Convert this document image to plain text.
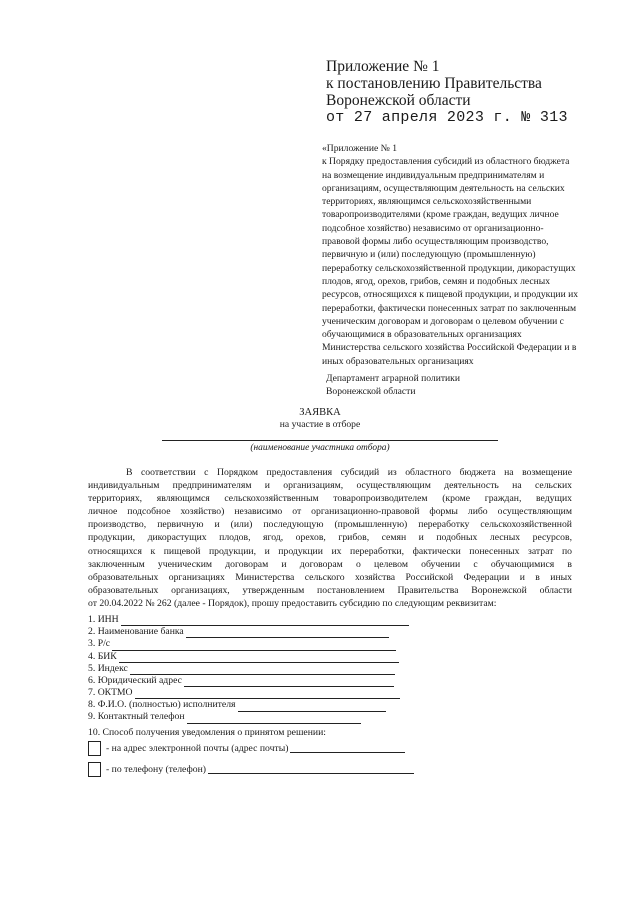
Приложение № 1
к постановлению Правительства
Воронежской области
от 27 апреля 2023 г. № 313
«Приложение № 1
к Порядку предоставления субсидий из областного бюджета
на возмещение индивидуальным предпринимателям и
организациям, осуществляющим деятельность на сельских
территориях, являющимся сельскохозяйственными
товаропроизводителями (кроме граждан, ведущих личное
подсобное хозяйство) независимо от организационно-
правовой формы либо осуществляющим производство,
первичную и (или) последующую (промышленную)
переработку сельскохозяйственной продукции, дикорастущих
плодов, ягод, орехов, грибов, семян и подобных лесных
ресурсов, относящихся к пищевой продукции, и продукции их
переработки, фактически понесенных затрат по заключенным
ученическим договорам и договорам о целевом обучении с
обучающимися в образовательных организациях
Министерства сельского хозяйства Российской Федерации и в
иных образовательных организациях
Департамент аграрной политики
Воронежской области
ЗАЯВКА
на участие в отборе
(наименование участника отбора)
В соответствии с Порядком предоставления субсидий из областного бюджета на возмещение
индивидуальным предпринимателям и организациям, осуществляющим деятельность на сельских
территориях, являющимся сельскохозяйственным товаропроизводителем (кроме граждан, ведущих
личное подсобное хозяйство) независимо от организационно-правовой формы либо осуществляющим
производство, первичную и (или) последующую (промышленную) переработку сельскохозяйственной
продукции, дикорастущих плодов, ягод, орехов, грибов, семян и подобных лесных ресурсов,
относящихся к пищевой продукции, и продукции их переработки, фактически понесенных затрат по
заключенным ученическим договорам и договорам о целевом обучении с обучающимися в
образовательных организациях Министерства сельского хозяйства Российской Федерации и в иных
образовательных организациях, утвержденным постановлением Правительства Воронежской области
от 20.04.2022 № 262 (далее - Порядок), прошу предоставить субсидию по следующим реквизитам:
1. ИНН
2. Наименование банка
3. Р/с
4. БИК
5. Индекс
6. Юридический адрес
7. ОКТМО
8. Ф.И.О. (полностью) исполнителя
9. Контактный телефон
10. Способ получения уведомления о принятом решении:
- на адрес электронной почты (адрес почты)
- по телефону (телефон)
